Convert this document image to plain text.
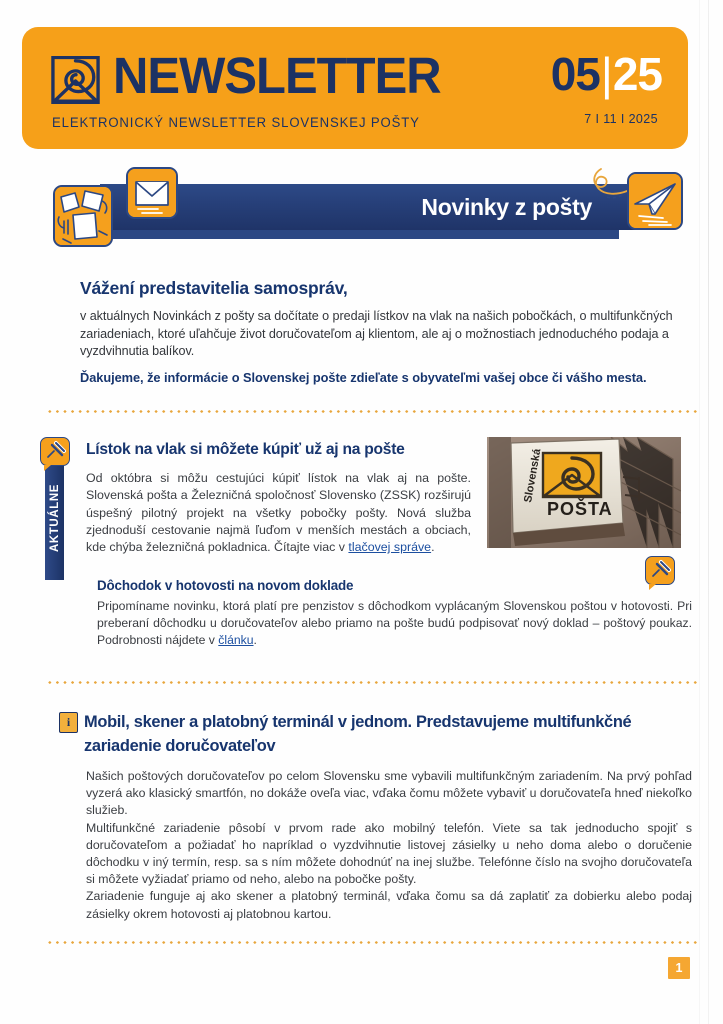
NEWSLETTER
ELEKTRONICKÝ NEWSLETTER SLOVENSKEJ POŠTY
05|25
7 I 11 I 2025
Novinky z pošty
Vážení predstavitelia samospráv,

v aktuálnych Novinkách z pošty sa dočítate o predaji lístkov na vlak na našich pobočkách, o multifunkčných zariadeniach, ktoré uľahčuje život doručovateľom aj klientom, ale aj o možnostiach jednoduchého podaja a vyzdvihnutia balíkov.

Ďakujeme, že informácie o Slovenskej pošte zdieľate s obyvateľmi vašej obce či vášho mesta.

AKTUÁLNE
Lístok na vlak si môžete kúpiť už aj na pošte

Od októbra si môžu cestujúci kúpiť lístok na vlak aj na pošte. Slovenská pošta a Železničná spoločnosť Slovensko (ZSSK) rozširujú úspešný pilotný projekt na všetky pobočky pošty. Nová služba zjednoduší cestovanie najmä ľuďom v menších mestách a obciach, kde chýba železničná pokladnica. Čítajte viac v tlačovej správe.

Slovenská
POŠTA
Dôchodok v hotovosti na novom doklade

Pripomíname novinku, ktorá platí pre penzistov s dôchodkom vyplácaným Slovenskou poštou v hotovosti. Pri preberaní dôchodku u doručovateľov alebo priamo na pošte budú podpisovať nový doklad – poštový poukaz. Podrobnosti nájdete v článku.

i Mobil, skener a platobný terminál v jednom. Predstavujeme multifunkčné zariadenie doručovateľov

Našich poštových doručovateľov po celom Slovensku sme vybavili multifunkčným zariadením. Na prvý pohľad vyzerá ako klasický smartfón, no dokáže oveľa viac, vďaka čomu môžete vybaviť u doručovateľa hneď niekoľko služieb.

Multifunkčné zariadenie pôsobí v prvom rade ako mobilný telefón. Viete sa tak jednoducho spojiť s doručovateľom a požiadať ho napríklad o vyzdvihnutie listovej zásielky u neho doma alebo o doručenie dôchodku v iný termín, resp. sa s ním môžete dohodnúť na inej službe. Telefónne číslo na svojho doručovateľa si môžete vyžiadať priamo od neho, alebo na pobočke pošty.

Zariadenie funguje aj ako skener a platobný terminál, vďaka čomu sa dá zaplatiť za dobierku alebo podaj zásielky okrem hotovosti aj platobnou kartou.

1
